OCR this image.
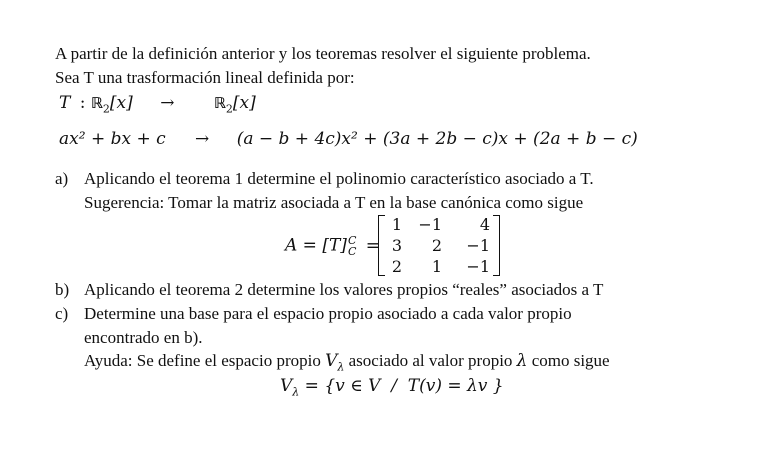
A partir de la definición anterior y los teoremas resolver el siguiente problema.
Sea T una trasformación lineal definida por:
T : ℝ$_2$[x] →	ℝ$_2$[x]
ax² + bx + c → (a − b + 4c)x² + (3a + 2b − c)x + (2a + b − c)
a) Aplicando el teorema 1 determine el polinomio característico asociado a T.
Sugerencia: Tomar la matriz asociada a T en la base canónica como sigue
A = [T] C
C =
1	−1	4
3	2	−1
2	1	−1
b) Aplicando el teorema 2 determine los valores propios “reales” asociados a T
c) Determine una base para el espacio propio asociado a cada valor propio
encontrado en b).
Ayuda: Se define el espacio propio $V_\lambda$ asociado al valor propio λ como sigue
$V_\lambda = \{v$ ∈ V  /  T(v) = λv }
